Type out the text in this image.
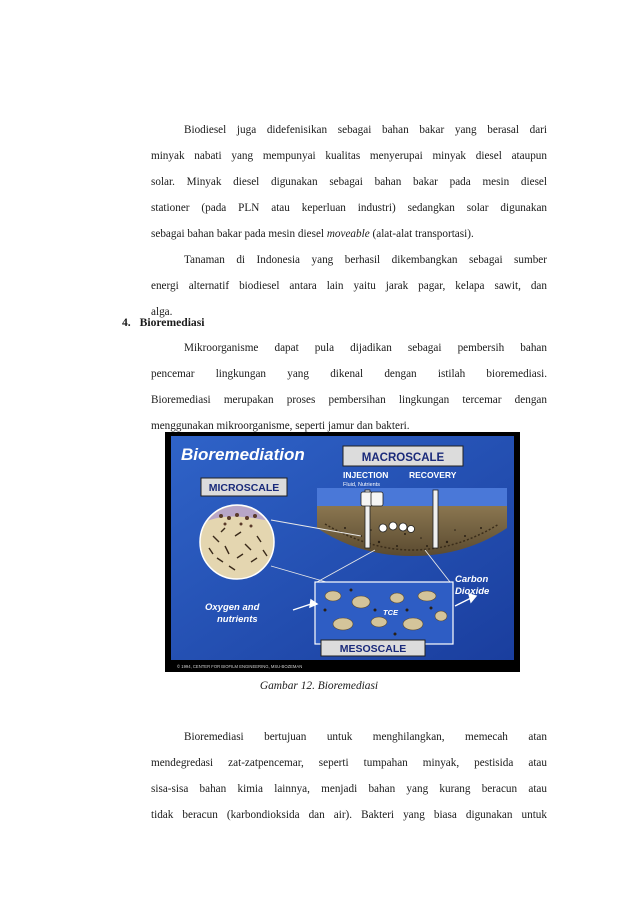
Biodiesel juga didefenisikan sebagai bahan bakar yang berasal dari
minyak nabati yang mempunyai kualitas menyerupai minyak diesel ataupun
solar. Minyak diesel digunakan sebagai bahan bakar pada mesin diesel
stationer (pada PLN atau keperluan industri) sedangkan solar digunakan
sebagai bahan bakar pada mesin diesel moveable (alat-alat transportasi).
Tanaman di Indonesia yang berhasil dikembangkan sebagai sumber
energi alternatif biodiesel antara lain yaitu jarak pagar, kelapa sawit, dan
alga.
4. Bioremediasi
Mikroorganisme dapat pula dijadikan sebagai pembersih bahan
pencemar lingkungan yang dikenal dengan istilah bioremediasi.
Bioremediasi merupakan proses pembersihan lingkungan tercemar dengan
menggunakan mikroorganisme, seperti jamur dan bakteri.
Bioremediation	MACROSCALE
MICROSCALE
INJECTION
Fluid, Nutrients
RECOVERY
TCE
Oxygen and
nutrients
Carbon
Dioxide
MESOSCALE
© 1994, CENTER FOR BIOFILM ENGINEERING, MSU-BOZEMAN
Gambar 12. Bioremediasi
Bioremediasi bertujuan untuk menghilangkan, memecah atan
mendegredasi zat-zatpencemar, seperti tumpahan minyak, pestisida atau
sisa-sisa bahan kimia lainnya, menjadi bahan yang kurang beracun atau
tidak beracun (karbondioksida dan air). Bakteri yang biasa digunakan untuk
